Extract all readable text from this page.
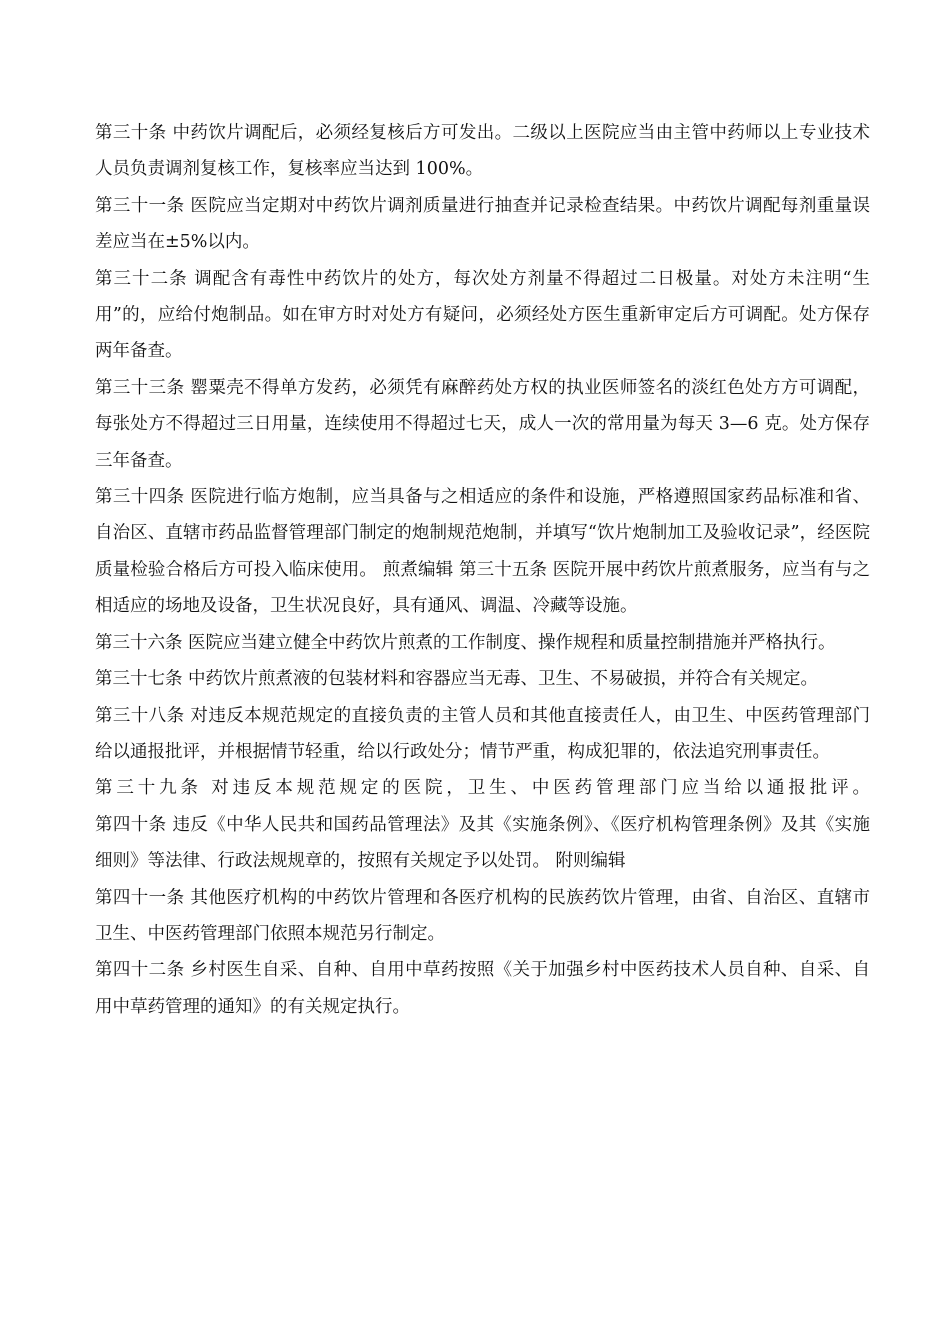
第三十条 中药饮片调配后，必须经复核后方可发出。二级以上医院应当由主管中药师以上专业技术人员负责调剂复核工作，复核率应当达到 100%。

第三十一条 医院应当定期对中药饮片调剂质量进行抽查并记录检查结果。中药饮片调配每剂重量误差应当在±5%以内。

第三十二条 调配含有毒性中药饮片的处方，每次处方剂量不得超过二日极量。对处方未注明“生用”的，应给付炮制品。如在审方时对处方有疑问，必须经处方医生重新审定后方可调配。处方保存两年备查。

第三十三条 罂粟壳不得单方发药，必须凭有麻醉药处方权的执业医师签名的淡红色处方方可调配，每张处方不得超过三日用量，连续使用不得超过七天，成人一次的常用量为每天 3—6 克。处方保存三年备查。

第三十四条 医院进行临方炮制，应当具备与之相适应的条件和设施，严格遵照国家药品标准和省、自治区、直辖市药品监督管理部门制定的炮制规范炮制，并填写“饮片炮制加工及验收记录”，经医院质量检验合格后方可投入临床使用。 煎煮编辑 第三十五条 医院开展中药饮片煎煮服务，应当有与之相适应的场地及设备，卫生状况良好，具有通风、调温、冷藏等设施。

第三十六条 医院应当建立健全中药饮片煎煮的工作制度、操作规程和质量控制措施并严格执行。

第三十七条 中药饮片煎煮液的包装材料和容器应当无毒、卫生、不易破损，并符合有关规定。

第三十八条 对违反本规范规定的直接负责的主管人员和其他直接责任人，由卫生、中医药管理部门给以通报批评，并根据情节轻重，给以行政处分；情节严重，构成犯罪的，依法追究刑事责任。

第三十九条 对违反本规范规定的医院，卫生、中医药管理部门应当给以通报批评。

第四十条 违反《中华人民共和国药品管理法》及其《实施条例》、《医疗机构管理条例》及其《实施细则》等法律、行政法规规章的，按照有关规定予以处罚。 附则编辑

第四十一条 其他医疗机构的中药饮片管理和各医疗机构的民族药饮片管理，由省、自治区、直辖市卫生、中医药管理部门依照本规范另行制定。

第四十二条 乡村医生自采、自种、自用中草药按照《关于加强乡村中医药技术人员自种、自采、自用中草药管理的通知》的有关规定执行。
